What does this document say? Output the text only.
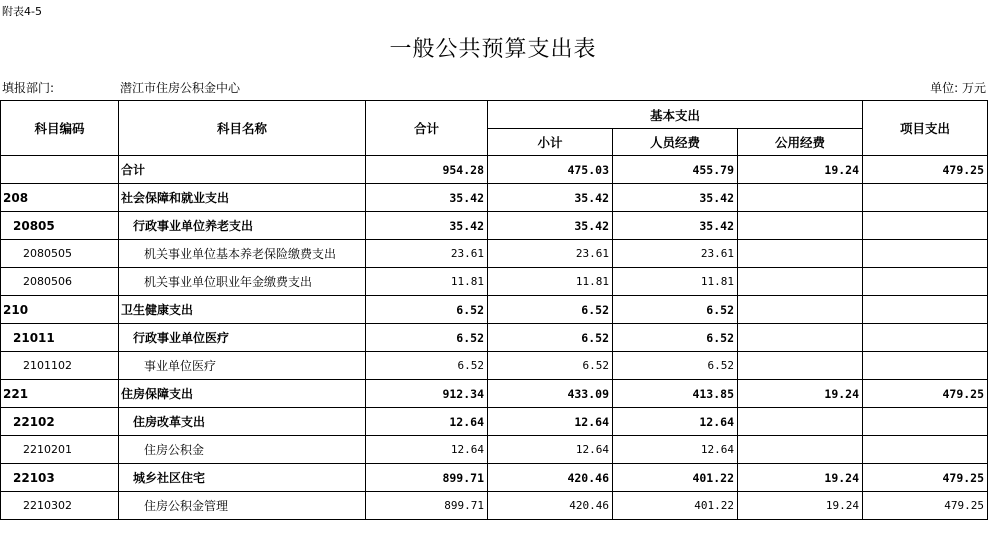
附表4-5
一般公共预算支出表
填报部门:	潜江市住房公积金中心	单位: 万元
科目编码	科目名称	合计	基本支出			项目支出
			小计	人员经费	公用经费	
	合计	954.28	475.03	455.79	19.24	479.25
208	社会保障和就业支出	35.42	35.42	35.42		
20805	行政事业单位养老支出	35.42	35.42	35.42		
2080505	机关事业单位基本养老保险缴费支出	23.61	23.61	23.61		
2080506	机关事业单位职业年金缴费支出	11.81	11.81	11.81		
210	卫生健康支出	6.52	6.52	6.52		
21011	行政事业单位医疗	6.52	6.52	6.52		
2101102	事业单位医疗	6.52	6.52	6.52		
221	住房保障支出	912.34	433.09	413.85	19.24	479.25
22102	住房改革支出	12.64	12.64	12.64		
2210201	住房公积金	12.64	12.64	12.64		
22103	城乡社区住宅	899.71	420.46	401.22	19.24	479.25
2210302	住房公积金管理	899.71	420.46	401.22	19.24	479.25
